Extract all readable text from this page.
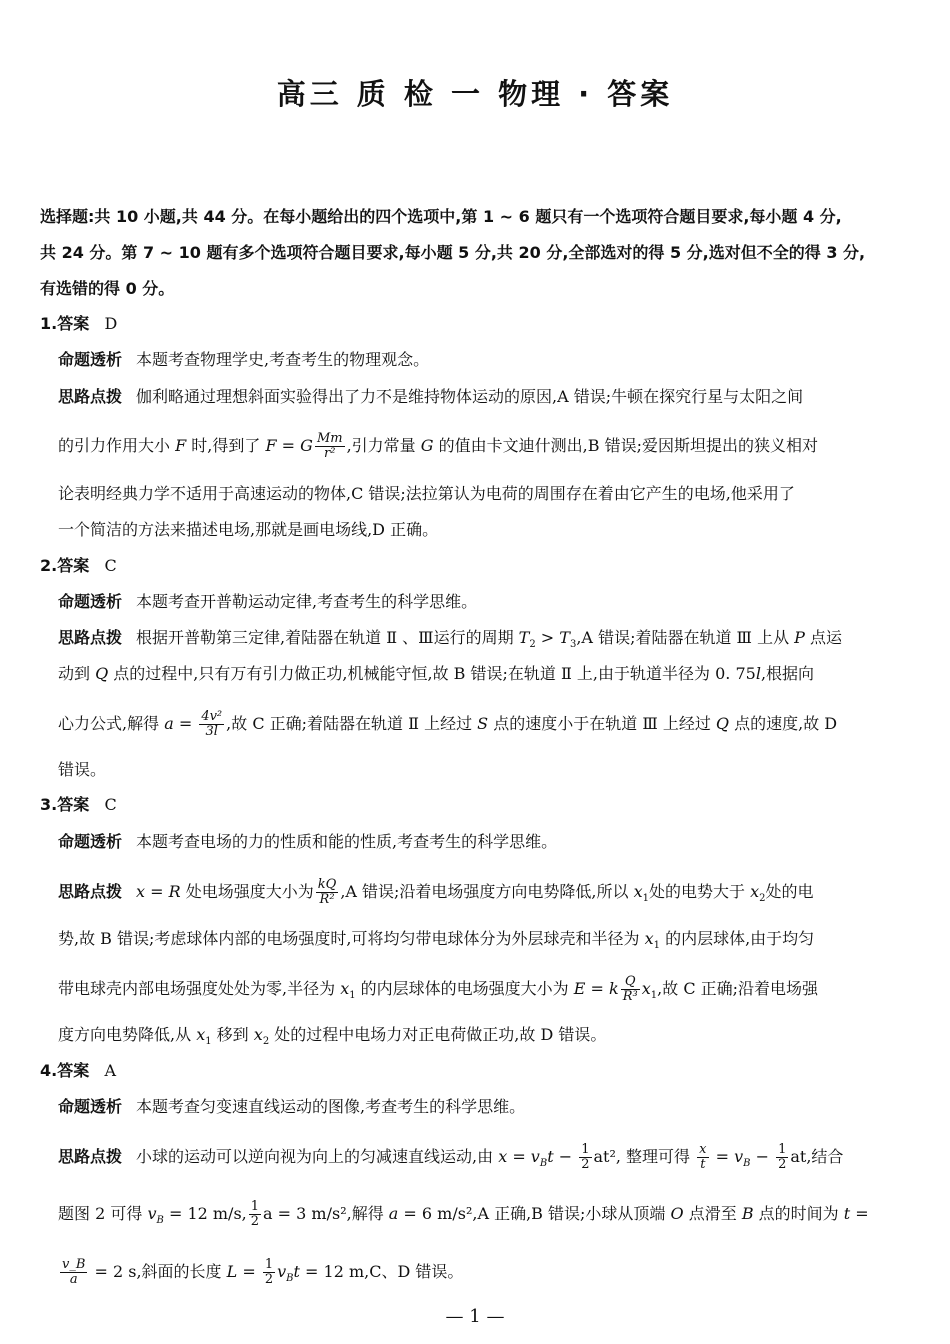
高三 质 检 一 物理 · 答案
选择题:共 10 小题,共 44 分。在每小题给出的四个选项中,第 1 ~ 6 题只有一个选项符合题目要求,每小题 4 分,
共 24 分。第 7 ~ 10 题有多个选项符合题目要求,每小题 5 分,共 20 分,全部选对的得 5 分,选对但不全的得 3 分,
有选错的得 0 分。
1.答案 D
命题透析 本题考查物理学史,考查考生的物理观念。
思路点拨 伽利略通过理想斜面实验得出了力不是维持物体运动的原因,A 错误;牛顿在探究行星与太阳之间
的引力作用大小 F 时,得到了 F = G $\frac{Mm}{\text{r²}}$ ,引力常量 G 的值由卡文迪什测出,B 错误;爱因斯坦提出的狭义相对
论表明经典力学不适用于高速运动的物体,C 错误;法拉第认为电荷的周围存在着由它产生的电场,他采用了
一个简洁的方法来描述电场,那就是画电场线,D 正确。
2.答案 C
命题透析 本题考查开普勒运动定律,考查考生的科学思维。
思路点拨 根据开普勒第三定律,着陆器在轨道 Ⅱ 、Ⅲ运行的周期 $T_2 > T_3,A$ 错误;着陆器在轨道 Ⅲ 上从 P 点运
动到 Q 点的过程中,只有万有引力做正功,机械能守恒,故 B 错误;在轨道 Ⅱ 上,由于轨道半径为 0. 75l,根据向
心力公式,解得 $a = \frac{\text{4v²}}{3l}$ ,故 C 正确;着陆器在轨道 Ⅱ 上经过 S 点的速度小于在轨道 Ⅲ 上经过 Q 点的速度,故 D
错误。
3.答案 C
命题透析 本题考查电场的力的性质和能的性质,考查考生的科学思维。
思路点拨 x = R 处电场强度大小为 $\frac{kQ}{\text{R²}} ,A$ 错误;沿着电场强度方向电势降低,所以 $x_1$处的电势大于 $x_2$处的电
势,故 B 错误;考虑球体内部的电场强度时,可将均匀带电球体分为外层球壳和半径为 $x_1$ 的内层球体,由于均匀
带电球壳内部电场强度处处为零,半径为 $x_1$ 的内层球体的电场强度大小为 E = k $\frac{Q}{\text{R³}} x_1$,故 C 正确;沿着电场强
度方向电势降低,从 $x_1$ 移到 $x_2$ 处的过程中电场力对正电荷做正功,故 D 错误。
4.答案 A
命题透析 本题考查匀变速直线运动的图像,考查考生的科学思维。
思路点拨 小球的运动可以逆向视为向上的匀减速直线运动,由 $x = v_Bt - \frac{1}{2} at^2$, 整理可得 $\frac{x}{t} = v_B - \frac{1}{2}$ at,结合
题图 2 可得 $v_B = 12$ m/s, $\frac{1}{2}$ a = 3 m/s²,解得 a = 6 m/s²,A 正确,B 错误;小球从顶端 O 点滑至 B 点的时间为 t =
$\frac{v\_B}{a} = 2$ s,斜面的长度 $L = \frac{1}{2} v_Bt = 12$ m,C、D 错误。
— 1 —
